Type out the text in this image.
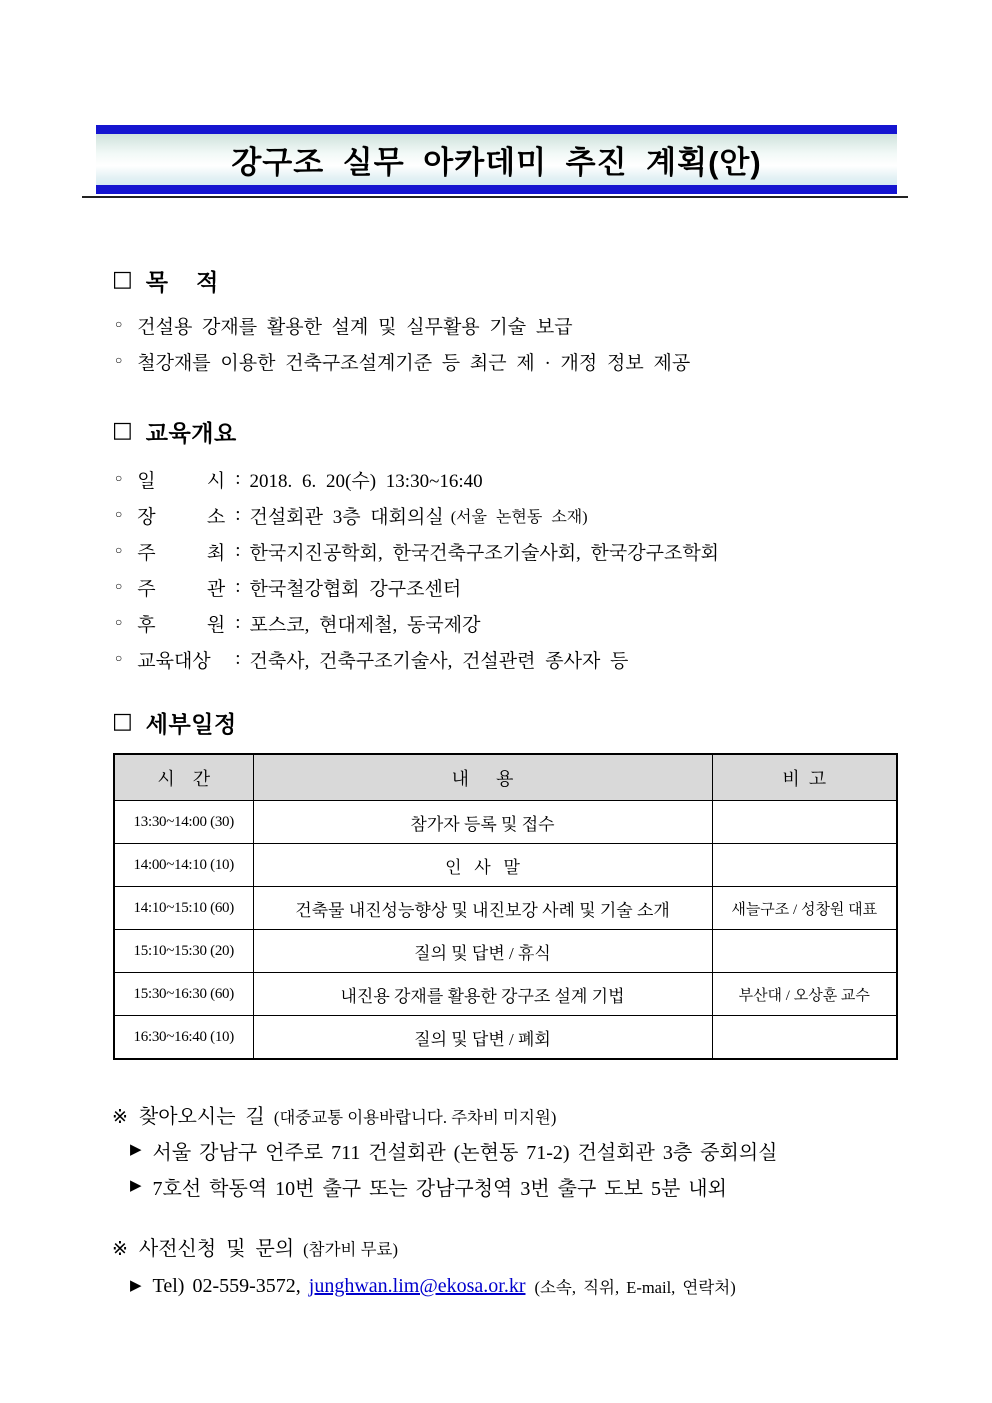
강구조 실무 아카데미 추진 계획(안)
□ 목    적
○ 건설용 강재를 활용한 설계 및 실무활용 기술 보급
○ 철강재를 이용한 건축구조설계기준 등 최근 제 · 개정 정보 제공
□ 교육개요
○ 일 시 : 2018. 6. 20(수) 13:30~16:40
○ 장 소 : 건설회관 3층 대회의실 (서울 논현동 소재)
○ 주 최 : 한국지진공학회, 한국건축구조기술사회, 한국강구조학회
○ 주 관 : 한국철강협회 강구조센터
○ 후 원 : 포스코, 현대제철, 동국제강
○ 교육대상	: 건축사, 건축구조기술사, 건설관련 종사자 등
□ 세부일정
시    간	내      용	비  고
13:30~14:00 (30)	참가자 등록 및 접수	
14:00~14:10 (10)	인   사   말	
14:10~15:10 (60)	건축물 내진성능향상 및 내진보강 사례 및 기술 소개	새늘구조 / 성창원 대표
15:10~15:30 (20)	질의 및 답변 / 휴식	
15:30~16:30 (60)	내진용 강재를 활용한 강구조 설계 기법	부산대 / 오상훈 교수
16:30~16:40 (10)	질의 및 답변 / 폐회	
※ 찾아오시는 길 (대중교통 이용바랍니다. 주차비 미지원)
▶ 서울 강남구 언주로 711 건설회관 (논현동 71-2) 건설회관 3층 중회의실
▶ 7호선 학동역 10번 출구 또는 강남구청역 3번 출구 도보 5분 내외
※ 사전신청 및 문의 (참가비 무료)
▶ Tel) 02-559-3572, junghwan.lim@ekosa.or.kr (소속, 직위, E-mail, 연락처)
